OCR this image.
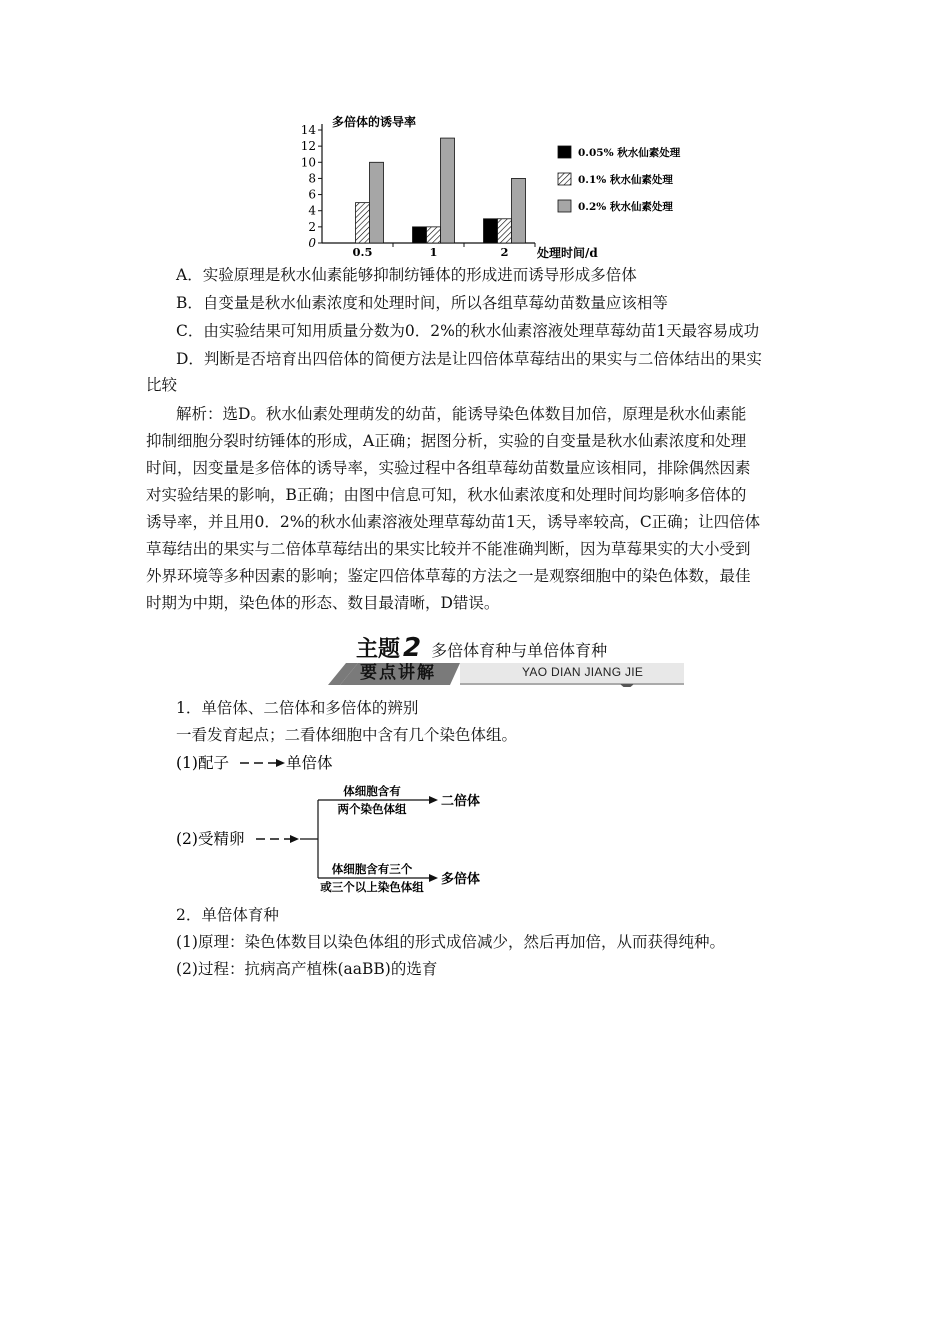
0
2
4
6
8
10
12
14
多倍体的诱导率
0.5	1	2 处理时间/d
0.05% 秋水仙素处理
0.1% 秋水仙素处理
0.2% 秋水仙素处理
A．实验原理是秋水仙素能够抑制纺锤体的形成进而诱导形成多倍体
B．自变量是秋水仙素浓度和处理时间，所以各组草莓幼苗数量应该相等
C．由实验结果可知用质量分数为0．2%的秋水仙素溶液处理草莓幼苗1天最容易成功
D．判断是否培育出四倍体的简便方法是让四倍体草莓结出的果实与二倍体结出的果实
比较
解析：选D。秋水仙素处理萌发的幼苗，能诱导染色体数目加倍，原理是秋水仙素能
抑制细胞分裂时纺锤体的形成，A正确；据图分析，实验的自变量是秋水仙素浓度和处理
时间，因变量是多倍体的诱导率，实验过程中各组草莓幼苗数量应该相同，排除偶然因素
对实验结果的影响，B正确；由图中信息可知，秋水仙素浓度和处理时间均影响多倍体的
诱导率，并且用0．2%的秋水仙素溶液处理草莓幼苗1天，诱导率较高，C正确；让四倍体
草莓结出的果实与二倍体草莓结出的果实比较并不能准确判断，因为草莓果实的大小受到
外界环境等多种因素的影响；鉴定四倍体草莓的方法之一是观察细胞中的染色体数，最佳
时期为中期，染色体的形态、数目最清晰，D错误。
主题 2 多倍体育种与单倍体育种
要点讲解	YAO DIAN JIANG JIE
1．单倍体、二倍体和多倍体的辨别
一看发育起点；二看体细胞中含有几个染色体组。
(1)配子	单倍体
(2)受精卵
体细胞含有
两个染色体组	二倍体
体细胞含有三个
或三个以上染色体组 多倍体
2．单倍体育种
(1)原理：染色体数目以染色体组的形式成倍减少，然后再加倍，从而获得纯种。
(2)过程：抗病高产植株(aaBB)的选育
